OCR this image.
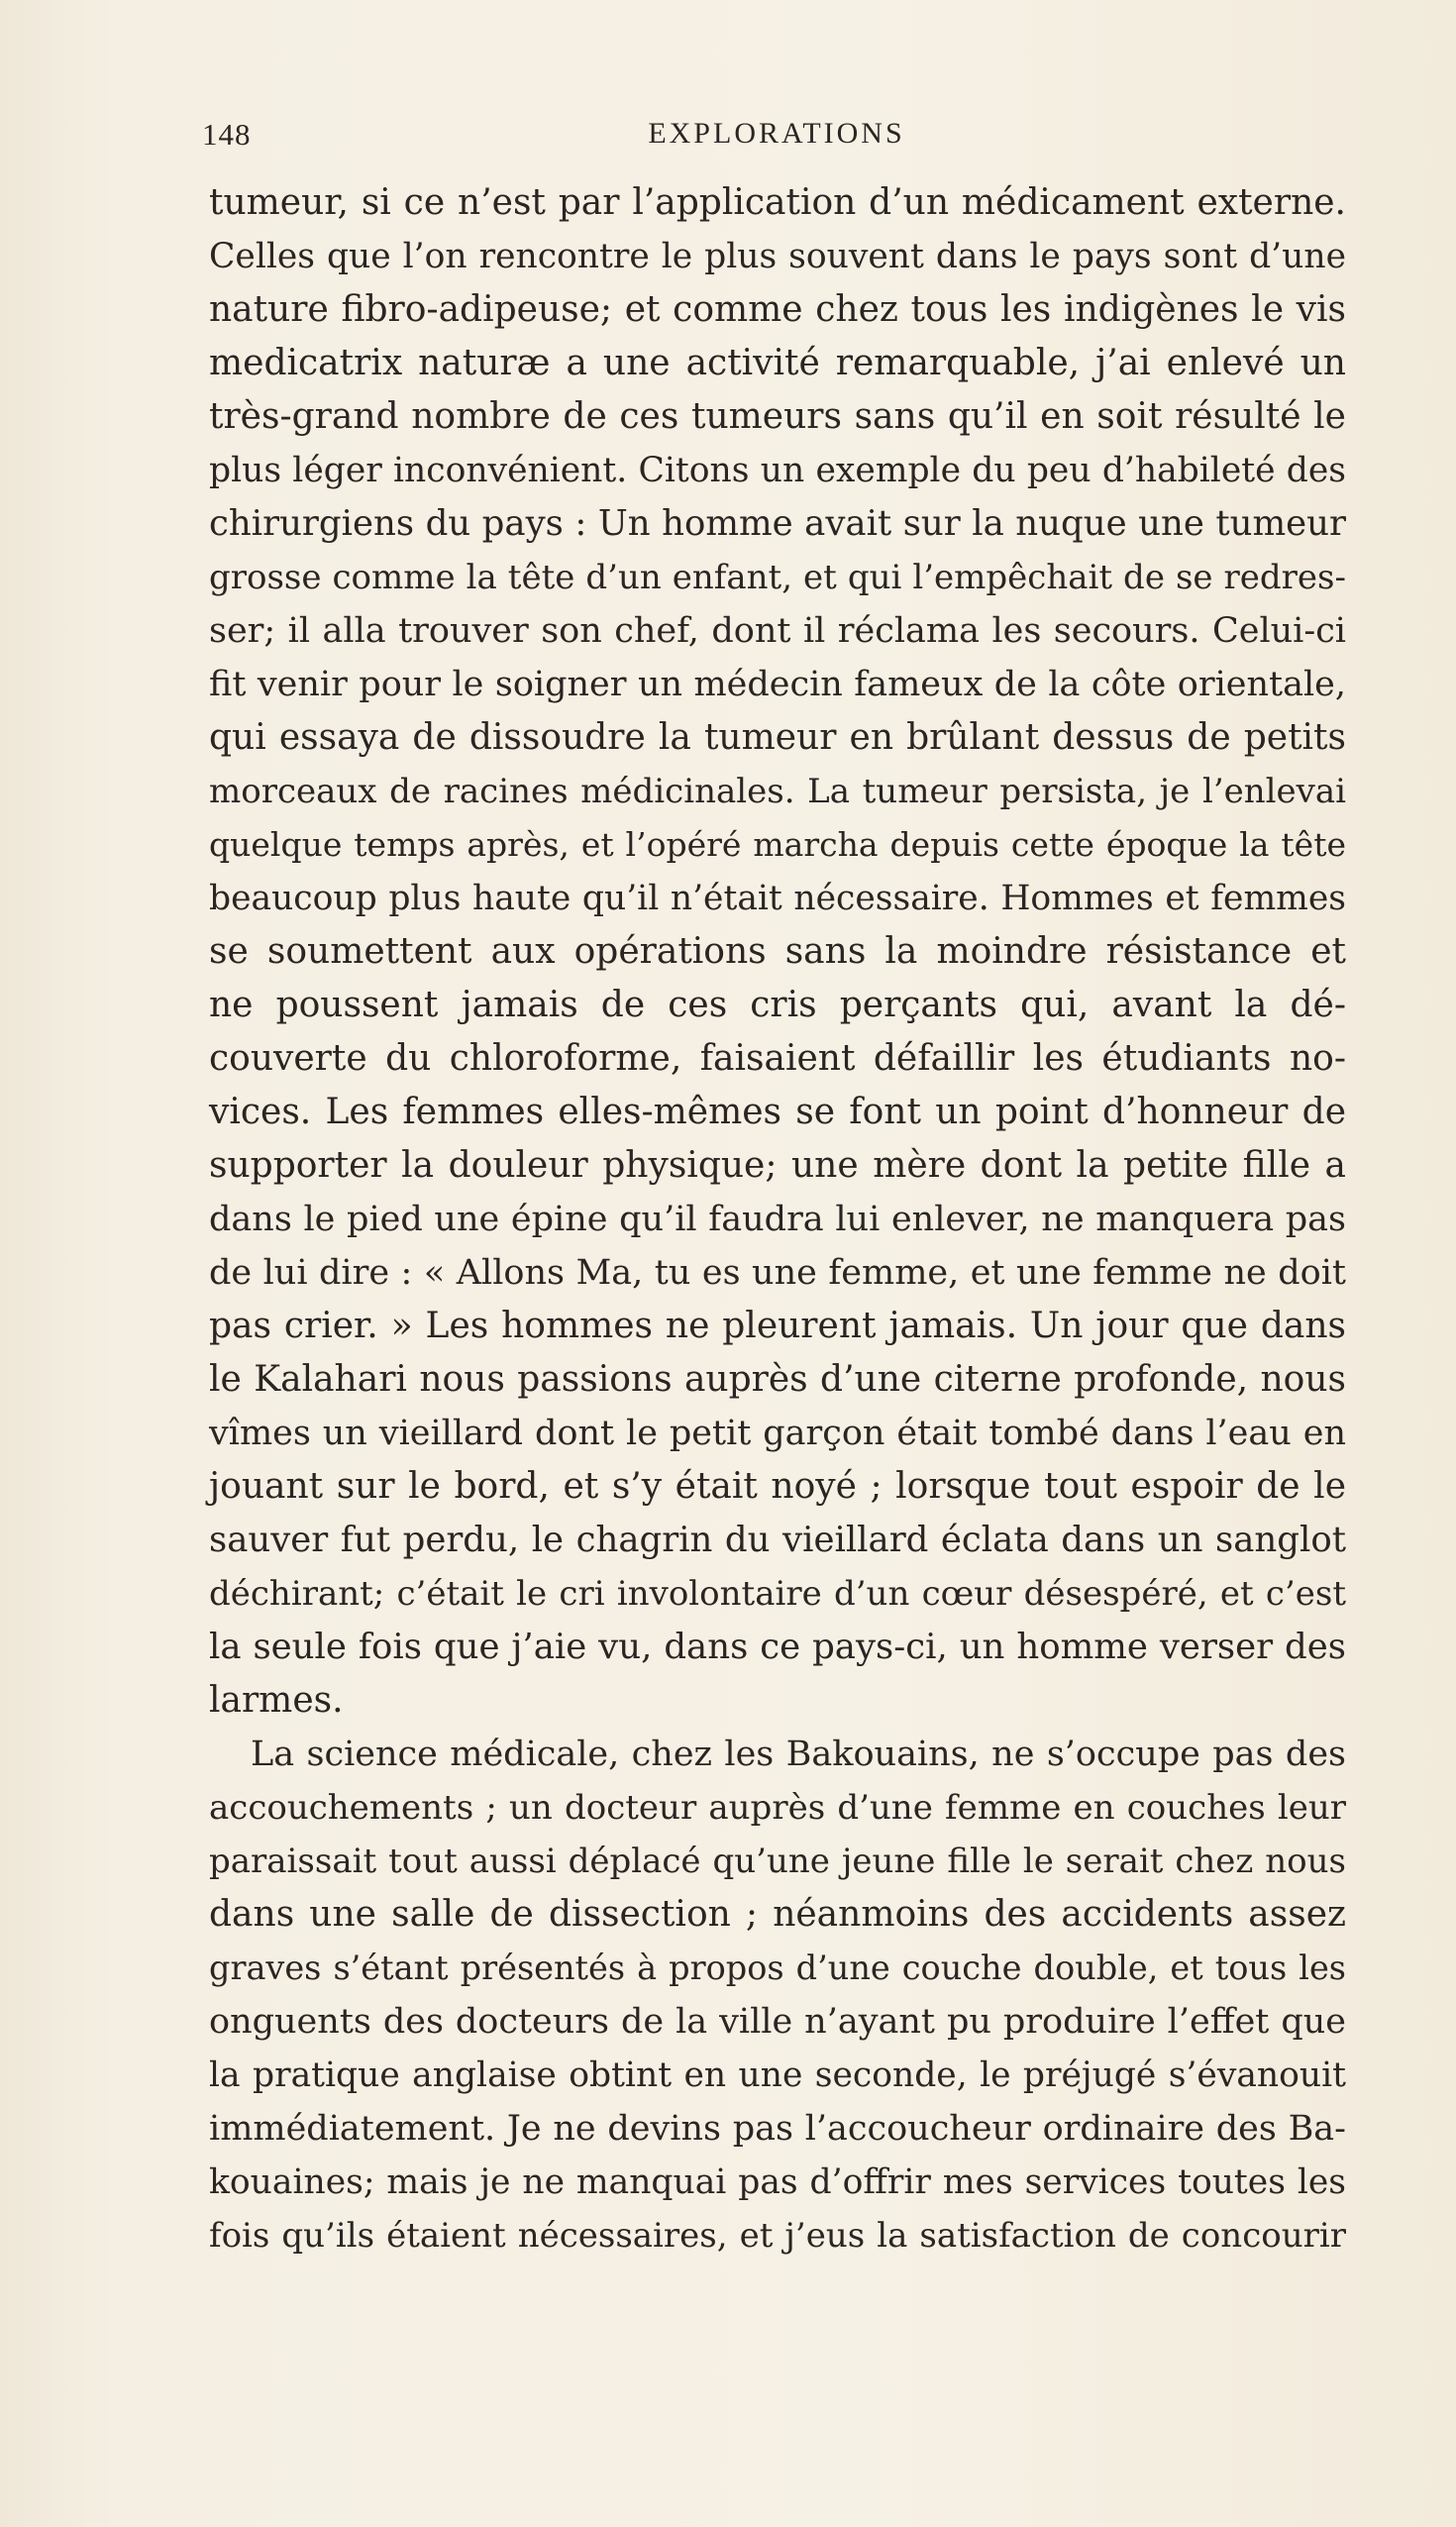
148	EXPLORATIONS
tumeur, si ce n’est par l’application d’un médicament externe.
Celles que l’on rencontre le plus souvent dans le pays sont d’une
nature fibro-adipeuse; et comme chez tous les indigènes le vis
medicatrix naturæ a une activité remarquable, j’ai enlevé un
très-grand nombre de ces tumeurs sans qu’il en soit résulté le
plus léger inconvénient. Citons un exemple du peu d’habileté des
chirurgiens du pays : Un homme avait sur la nuque une tumeur
grosse comme la tête d’un enfant, et qui l’empêchait de se redres-
ser; il alla trouver son chef, dont il réclama les secours. Celui-ci
fit venir pour le soigner un médecin fameux de la côte orientale,
qui essaya de dissoudre la tumeur en brûlant dessus de petits
morceaux de racines médicinales. La tumeur persista, je l’enlevai
quelque temps après, et l’opéré marcha depuis cette époque la tête
beaucoup plus haute qu’il n’était nécessaire. Hommes et femmes
se soumettent aux opérations sans la moindre résistance et
ne poussent jamais de ces cris perçants qui, avant la dé-
couverte du chloroforme, faisaient défaillir les étudiants no-
vices. Les femmes elles-mêmes se font un point d’honneur de
supporter la douleur physique; une mère dont la petite fille a
dans le pied une épine qu’il faudra lui enlever, ne manquera pas
de lui dire : « Allons Ma, tu es une femme, et une femme ne doit
pas crier. » Les hommes ne pleurent jamais. Un jour que dans
le Kalahari nous passions auprès d’une citerne profonde, nous
vîmes un vieillard dont le petit garçon était tombé dans l’eau en
jouant sur le bord, et s’y était noyé ; lorsque tout espoir de le
sauver fut perdu, le chagrin du vieillard éclata dans un sanglot
déchirant; c’était le cri involontaire d’un cœur désespéré, et c’est
la seule fois que j’aie vu, dans ce pays-ci, un homme verser des
larmes.
La science médicale, chez les Bakouains, ne s’occupe pas des
accouchements ; un docteur auprès d’une femme en couches leur
paraissait tout aussi déplacé qu’une jeune fille le serait chez nous
dans une salle de dissection ; néanmoins des accidents assez
graves s’étant présentés à propos d’une couche double, et tous les
onguents des docteurs de la ville n’ayant pu produire l’effet que
la pratique anglaise obtint en une seconde, le préjugé s’évanouit
immédiatement. Je ne devins pas l’accoucheur ordinaire des Ba-
kouaines; mais je ne manquai pas d’offrir mes services toutes les
fois qu’ils étaient nécessaires, et j’eus la satisfaction de concourir
